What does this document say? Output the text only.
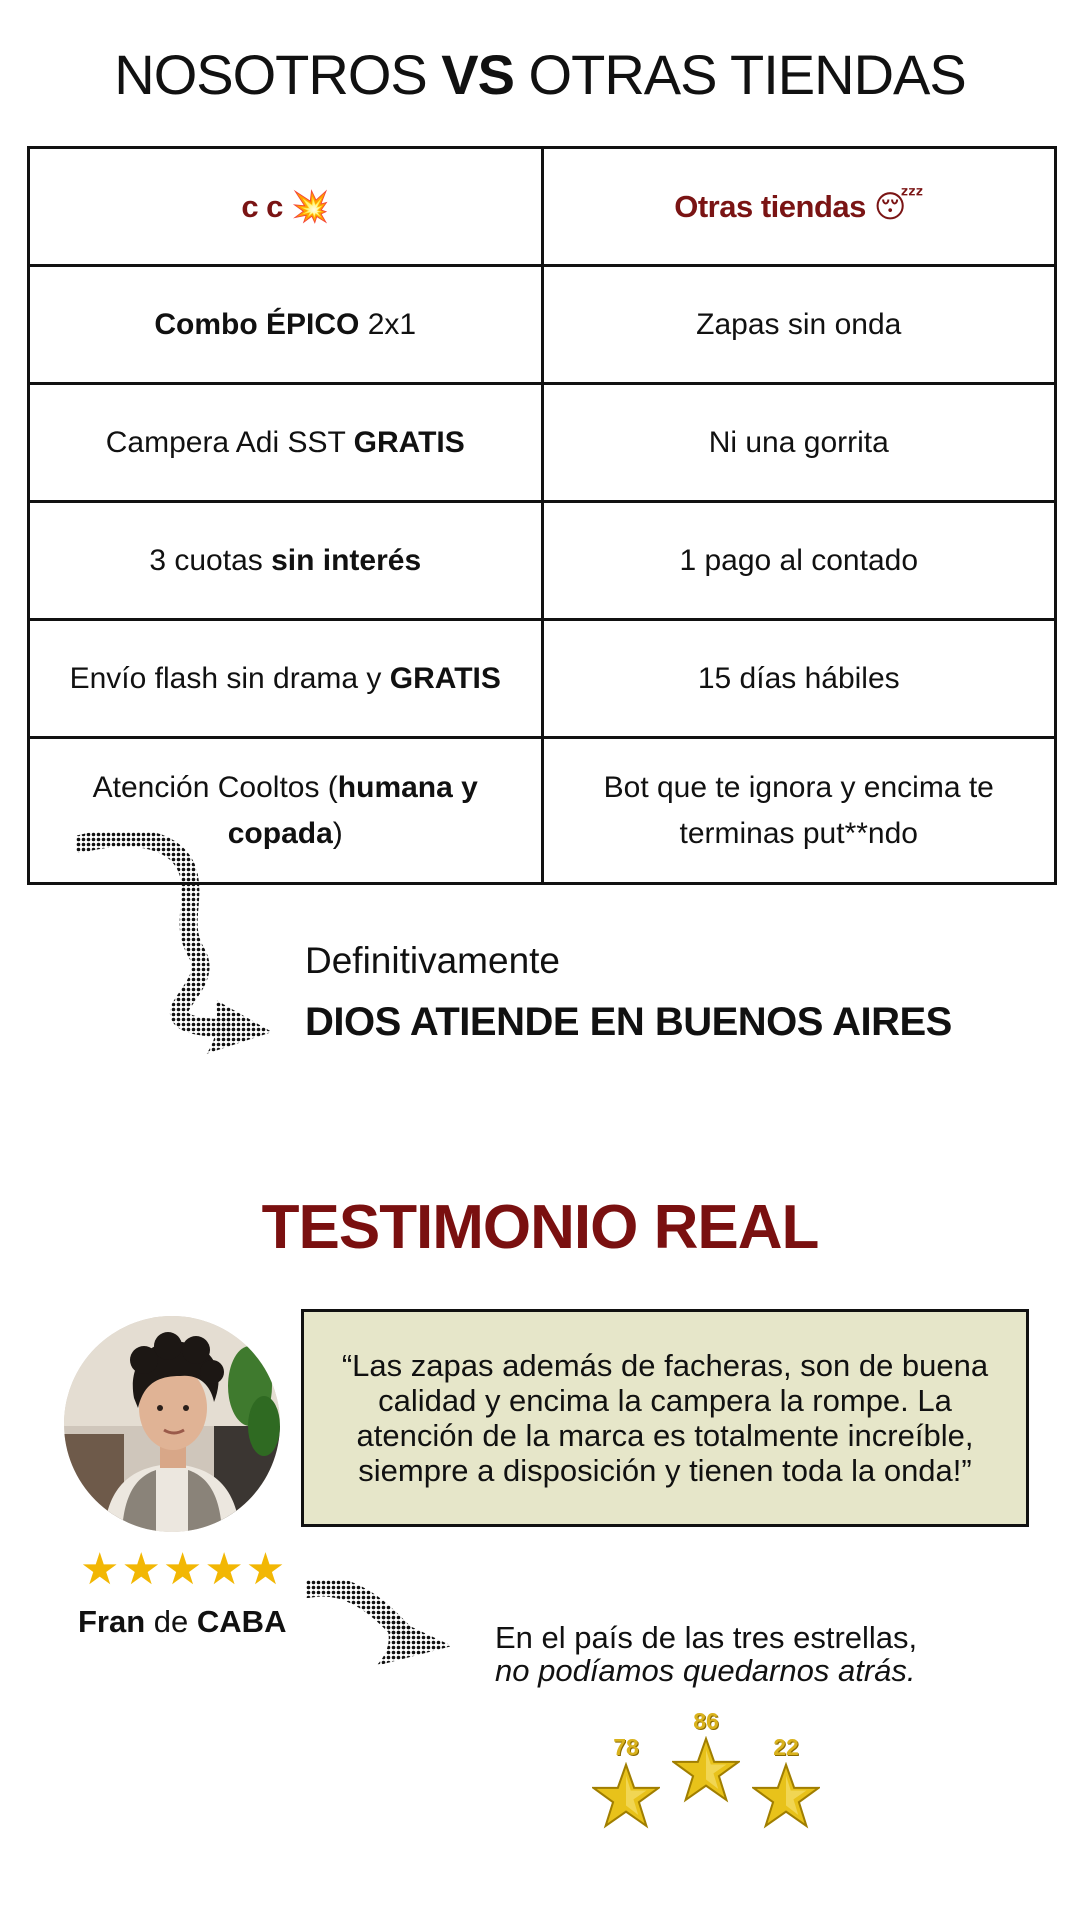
NOSOTROS VS OTRAS TIENDAS
c c 💥	Otras tiendas 😴
Combo ÉPICO 2x1	Zapas sin onda
Campera Adi SST GRATIS	Ni una gorrita
3 cuotas sin interés	1 pago al contado
Envío flash sin drama y GRATIS	15 días hábiles
Atención Cooltos (humana y copada)	Bot que te ignora y encima te terminas put**ndo
Definitivamente
DIOS ATIENDE EN BUENOS AIRES
TESTIMONIO REAL
“Las zapas además de facheras, son de buena calidad y encima la campera la rompe. La atención de la marca es totalmente increíble, siempre a disposición y tienen toda la onda!”
★★★★★
Fran de CABA	En el país de las tres estrellas,
no podíamos quedarnos atrás.
78
86
22
